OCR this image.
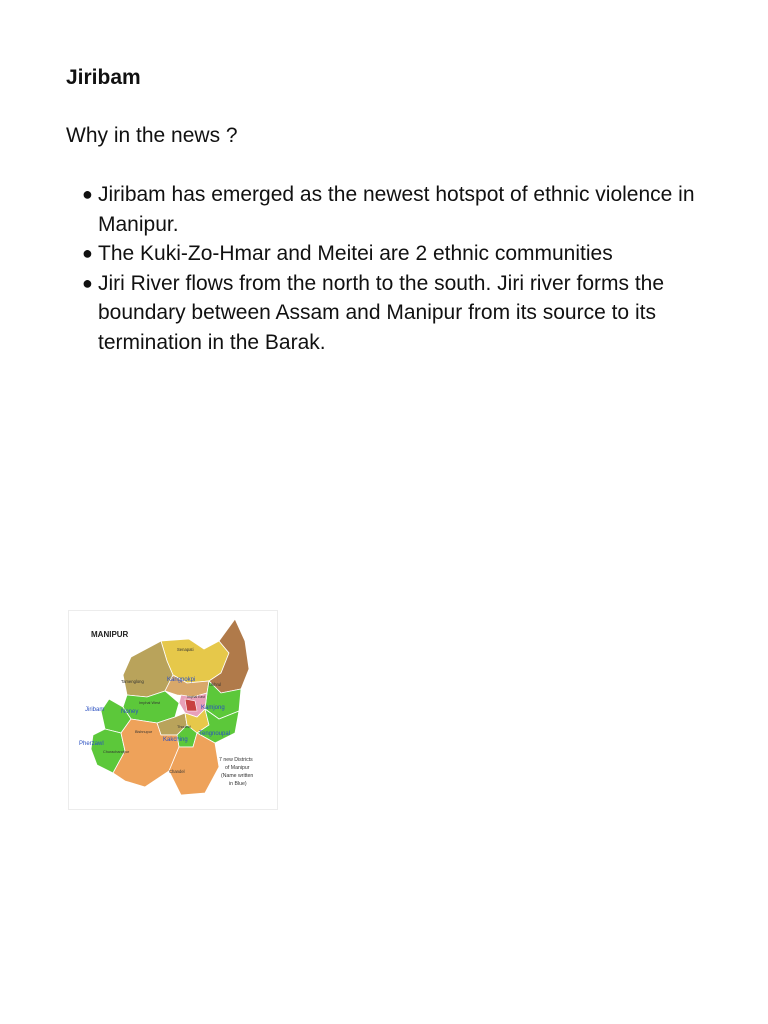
Jiribam

Why in the news ?

● Jiribam has emerged as the newest hotspot of ethnic violence in Manipur.
● The Kuki-Zo-Hmar and Meitei are 2 ethnic communities
● Jiri River flows from the north to the south. Jiri river forms the boundary between Assam and Manipur from its source to its termination in the Barak.
MANIPUR
Senapati
Ukhrul
Tamenglong	Kangpokpi
Imphal East
Imphal West
Jiribam	Noney
Kamjong
Bishnupur
Thoubal
Kakching
Tengnoupal
Pherzawl
Churachandpur
Chandel
7 new Districts
of Manipur
(Name written
in Blue)
